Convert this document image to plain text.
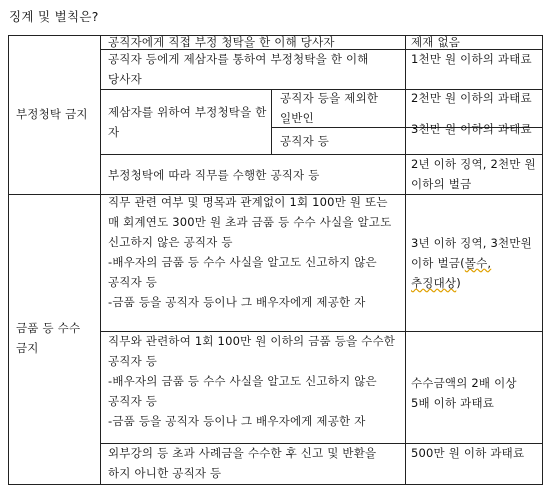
징계 및 벌칙은?
공직자에게 직접 부정 청탁을 한 이해 당사자	제재 없음
부정청탁 금지
공직자 등에게 제삼자를 통하여 부정청탁을 한 이해 당사자
1천만 원 이하의 과태료
제삼자를 위하여 부정청탁을 한 자
공직자 등을 제외한 일반인
2천만 원 이하의 과태료
공직자 등
3천만 원 이하의 과태료
부정청탁에 따라 직무를 수행한 공직자 등
2년 이하 징역, 2천만 원 이하의 벌금
금품 등 수수 금지
직무 관련 여부 및 명목과 관계없이 1회 100만 원 또는 매 회계연도 300만 원 초과 금품 등 수수 사실을 알고도 신고하지 않은 공직자 등
-배우자의 금품 등 수수 사실을 알고도 신고하지 않은 공직자 등
-금품 등을 공직자 등이나 그 배우자에게 제공한 자
3년 이하 징역, 3천만원 이하 벌금(몰수, 추징대상)
직무와 관련하여 1회 100만 원 이하의 금품 등을 수수한 공직자 등
-배우자의 금품 등 수수 사실을 알고도 신고하지 않은 공직자 등
-금품 등을 공직자 등이나 그 배우자에게 제공한 자
수수금액의 2배 이상 5배 이하 과태료
외부강의 등 초과 사례금을 수수한 후 신고 및 반환을 하지 아니한 공직자 등
500만 원 이하 과태료
